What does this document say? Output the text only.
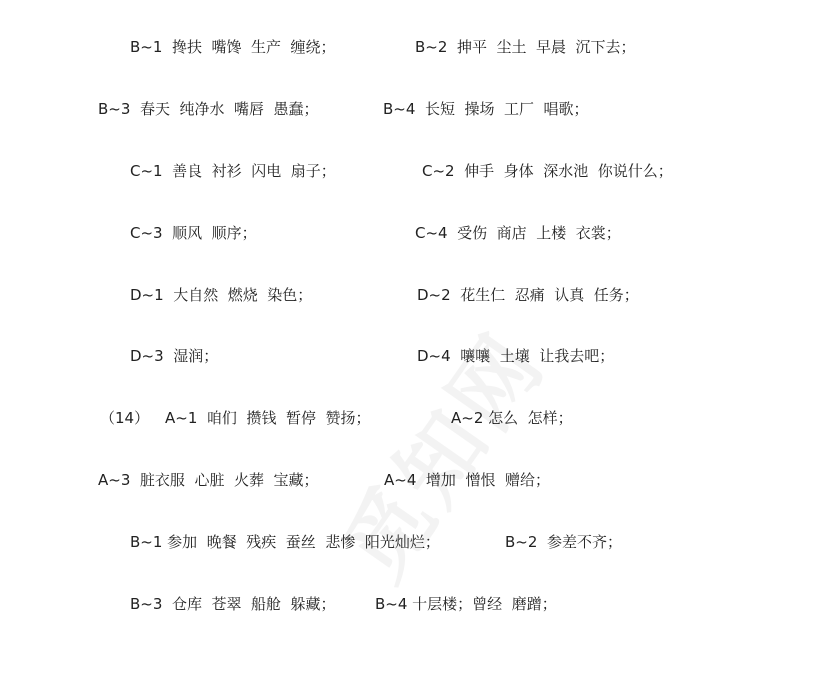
B~1  搀扶  嘴馋  生产  缠绕；	B~2  抻平  尘土  早晨  沉下去；
B~3  春天  纯净水  嘴唇  愚蠢；	B~4  长短  操场  工厂  唱歌；
C~1  善良  衬衫  闪电  扇子；	C~2  伸手  身体  深水池  你说什么；
C~3  顺风  顺序；	C~4  受伤  商店  上楼  衣裳；
D~1  大自然  燃烧  染色；	D~2  花生仁  忍痛  认真  任务；
D~3  湿润；	D~4  嚷嚷  土壤  让我去吧；
（14） A~1  咱们  攒钱  暂停  赞扬；	A~2 怎么  怎样；
A~3  脏衣服  心脏  火葬  宝藏；	A~4  增加  憎恨  赠给；
B~1 参加  晚餐  残疾  蚕丝  悲惨  阳光灿烂；	B~2  参差不齐；
B~3  仓库  苍翠  船舱  躲藏；	B~4 十层楼；曾经  磨蹭；
